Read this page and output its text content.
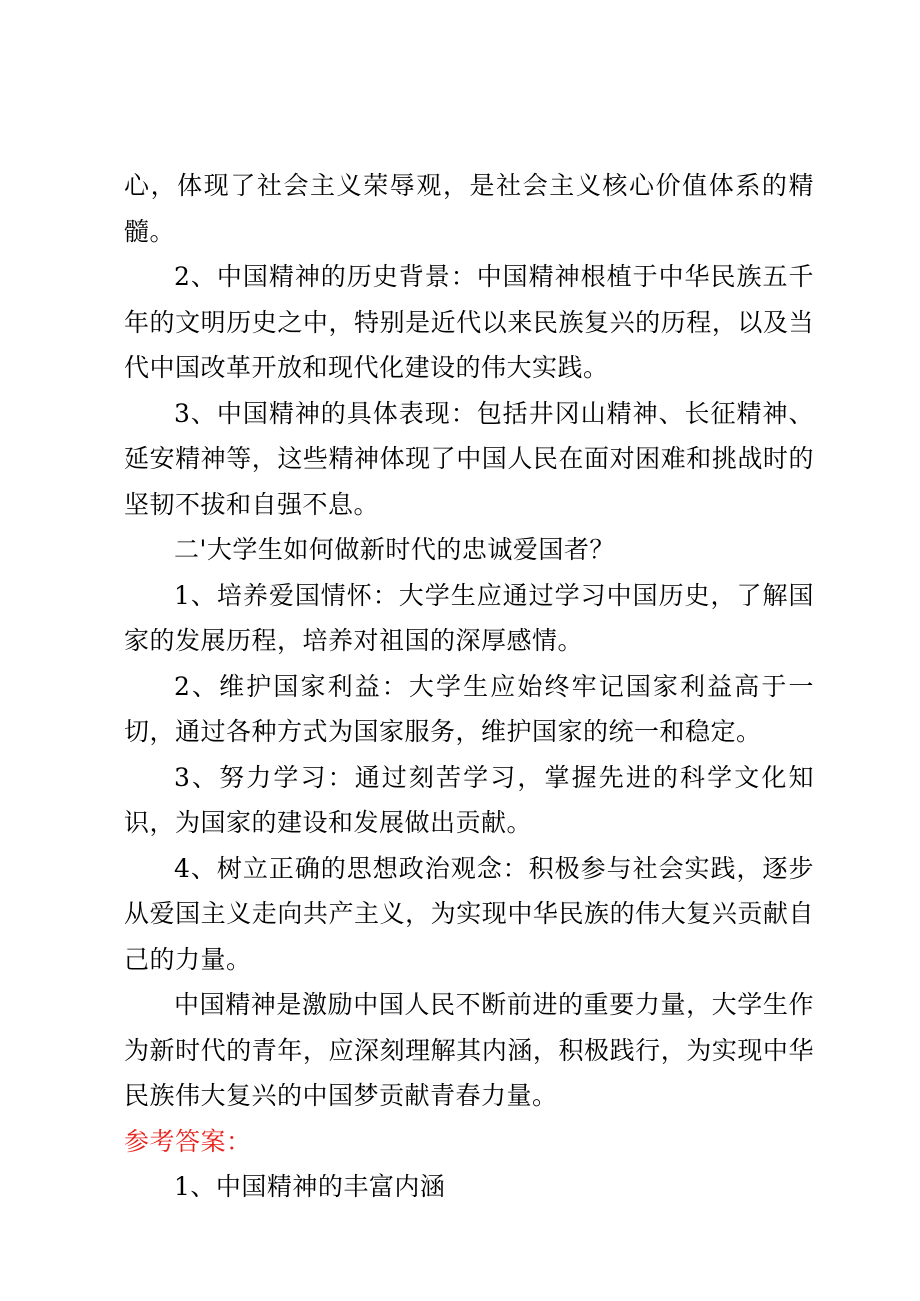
心，体现了社会主义荣辱观，是社会主义核心价值体系的精髓。

2、中国精神的历史背景：中国精神根植于中华民族五千年的文明历史之中，特别是近代以来民族复兴的历程，以及当代中国改革开放和现代化建设的伟大实践。

3、中国精神的具体表现：包括井冈山精神、长征精神、延安精神等，这些精神体现了中国人民在面对困难和挑战时的坚韧不拔和自强不息。

二'大学生如何做新时代的忠诚爱国者？

1、培养爱国情怀：大学生应通过学习中国历史，了解国家的发展历程，培养对祖国的深厚感情。

2、维护国家利益：大学生应始终牢记国家利益高于一切，通过各种方式为国家服务，维护国家的统一和稳定。

3、努力学习：通过刻苦学习，掌握先进的科学文化知识，为国家的建设和发展做出贡献。

4、树立正确的思想政治观念：积极参与社会实践，逐步从爱国主义走向共产主义，为实现中华民族的伟大复兴贡献自己的力量。

中国精神是激励中国人民不断前进的重要力量，大学生作为新时代的青年，应深刻理解其内涵，积极践行，为实现中华民族伟大复兴的中国梦贡献青春力量。

参考答案：

1、中国精神的丰富内涵
